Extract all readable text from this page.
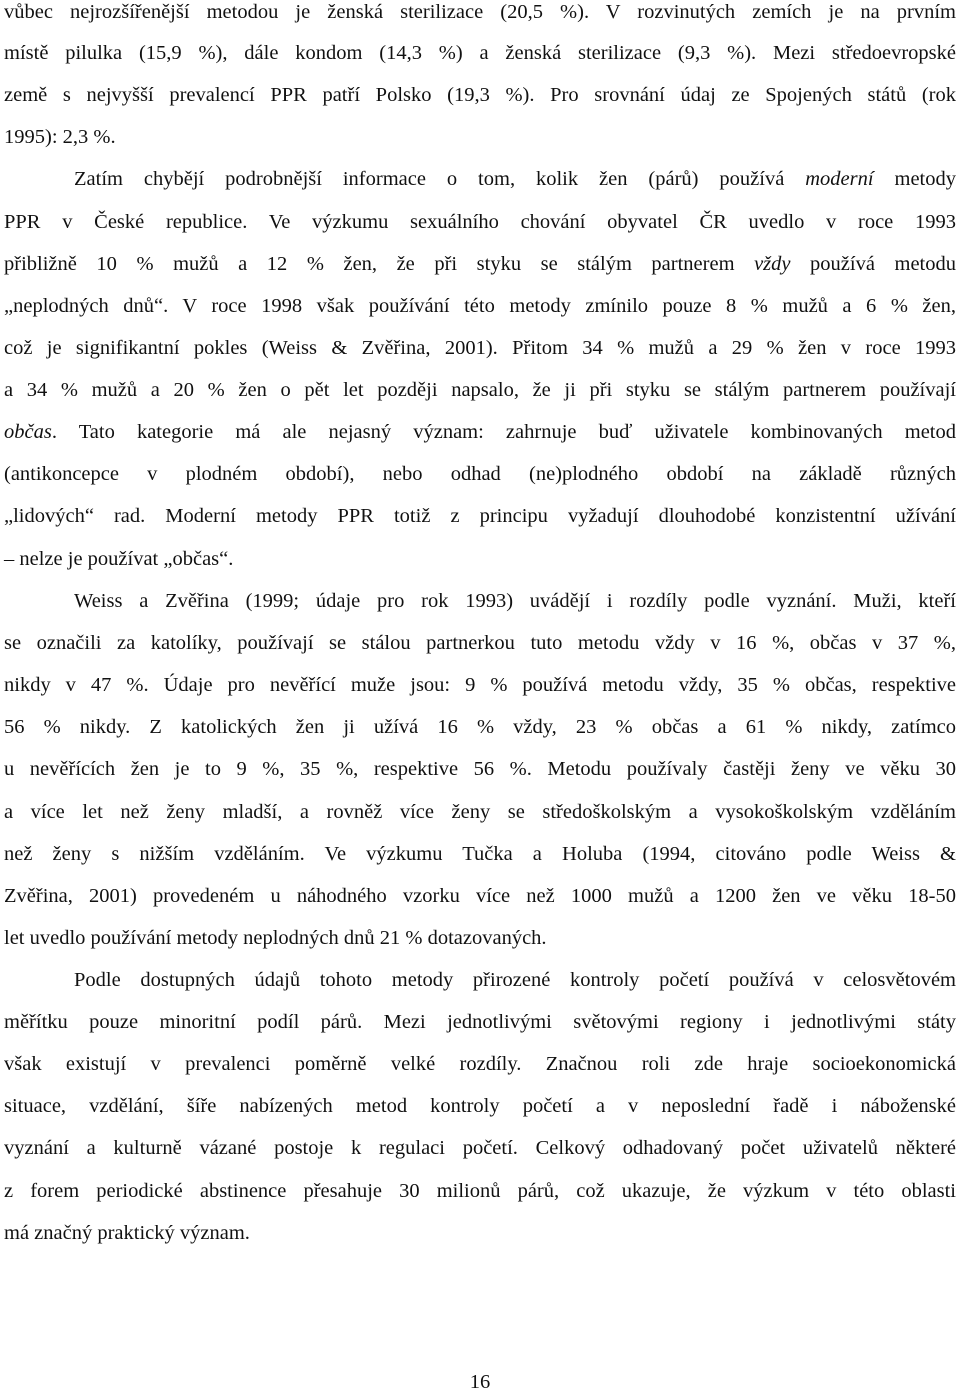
vůbec nejrozšířenější metodou je ženská sterilizace (20,5 %). V rozvinutých zemích je na prvním
místě pilulka (15,9 %), dále kondom (14,3 %) a ženská sterilizace (9,3 %). Mezi středoevropské
země s nejvyšší prevalencí PPR patří Polsko (19,3 %). Pro srovnání údaj ze Spojených států (rok
1995): 2,3 %.
Zatím chybějí podrobnější informace o tom, kolik žen (párů) používá moderní metody
PPR v České republice. Ve výzkumu sexuálního chování obyvatel ČR uvedlo v roce 1993
přibližně 10 % mužů a 12 % žen, že při styku se stálým partnerem vždy používá metodu
„neplodných dnů“. V roce 1998 však používání této metody zmínilo pouze 8 % mužů a 6 % žen,
což je signifikantní pokles (Weiss & Zvěřina, 2001). Přitom 34 % mužů a 29 % žen v roce 1993
a 34 % mužů a 20 % žen o pět let později napsalo, že ji při styku se stálým partnerem používají
občas. Tato kategorie má ale nejasný význam: zahrnuje buď uživatele kombinovaných metod
(antikoncepce v plodném období), nebo odhad (ne)plodného období na základě různých
„lidových“ rad. Moderní metody PPR totiž z principu vyžadují dlouhodobé konzistentní užívání
– nelze je používat „občas“.
Weiss a Zvěřina (1999; údaje pro rok 1993) uvádějí i rozdíly podle vyznání. Muži, kteří
se označili za katolíky, používají se stálou partnerkou tuto metodu vždy v 16 %, občas v 37 %,
nikdy v 47 %. Údaje pro nevěřící muže jsou: 9 % používá metodu vždy, 35 % občas, respektive
56 % nikdy. Z katolických žen ji užívá 16 % vždy, 23 % občas a 61 % nikdy, zatímco
u nevěřících žen je to 9 %, 35 %, respektive 56 %. Metodu používaly častěji ženy ve věku 30
a více let než ženy mladší, a rovněž více ženy se středoškolským a vysokoškolským vzděláním
než ženy s nižším vzděláním. Ve výzkumu Tučka a Holuba (1994, citováno podle Weiss &
Zvěřina, 2001) provedeném u náhodného vzorku více než 1000 mužů a 1200 žen ve věku 18-50
let uvedlo používání metody neplodných dnů 21 % dotazovaných.
Podle dostupných údajů tohoto metody přirozené kontroly početí používá v celosvětovém
měřítku pouze minoritní podíl párů. Mezi jednotlivými světovými regiony i jednotlivými státy
však existují v prevalenci poměrně velké rozdíly. Značnou roli zde hraje socioekonomická
situace, vzdělání, šíře nabízených metod kontroly početí a v neposlední řadě i náboženské
vyznání a kulturně vázané postoje k regulaci početí. Celkový odhadovaný počet uživatelů některé
z forem periodické abstinence přesahuje 30 milionů párů, což ukazuje, že výzkum v této oblasti
má značný praktický význam.
16
